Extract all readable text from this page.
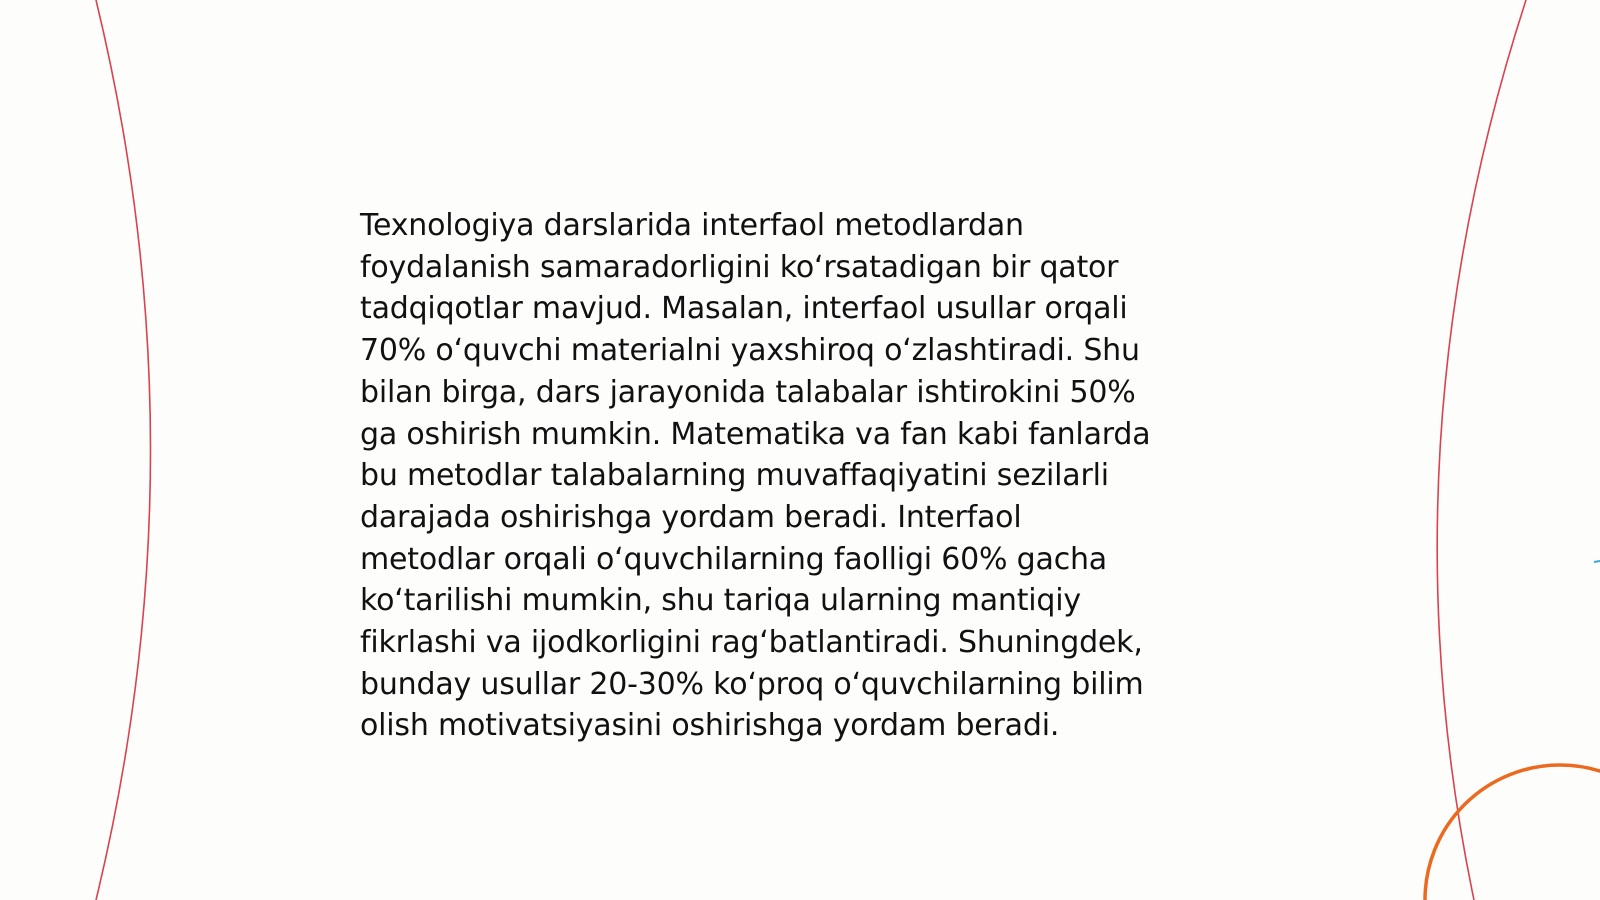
Texnologiya darslarida interfaol metodlardan
foydalanish samaradorligini koʻrsatadigan bir qator
tadqiqotlar mavjud. Masalan, interfaol usullar orqali
70% oʻquvchi materialni yaxshiroq oʻzlashtiradi. Shu
bilan birga, dars jarayonida talabalar ishtirokini 50%
ga oshirish mumkin. Matematika va fan kabi fanlarda
bu metodlar talabalarning muvaffaqiyatini sezilarli
darajada oshirishga yordam beradi. Interfaol
metodlar orqali oʻquvchilarning faolligi 60% gacha
koʻtarilishi mumkin, shu tariqa ularning mantiqiy
fikrlashi va ijodkorligini ragʻbatlantiradi. Shuningdek,
bunday usullar 20-30% koʻproq oʻquvchilarning bilim
olish motivatsiyasini oshirishga yordam beradi.
